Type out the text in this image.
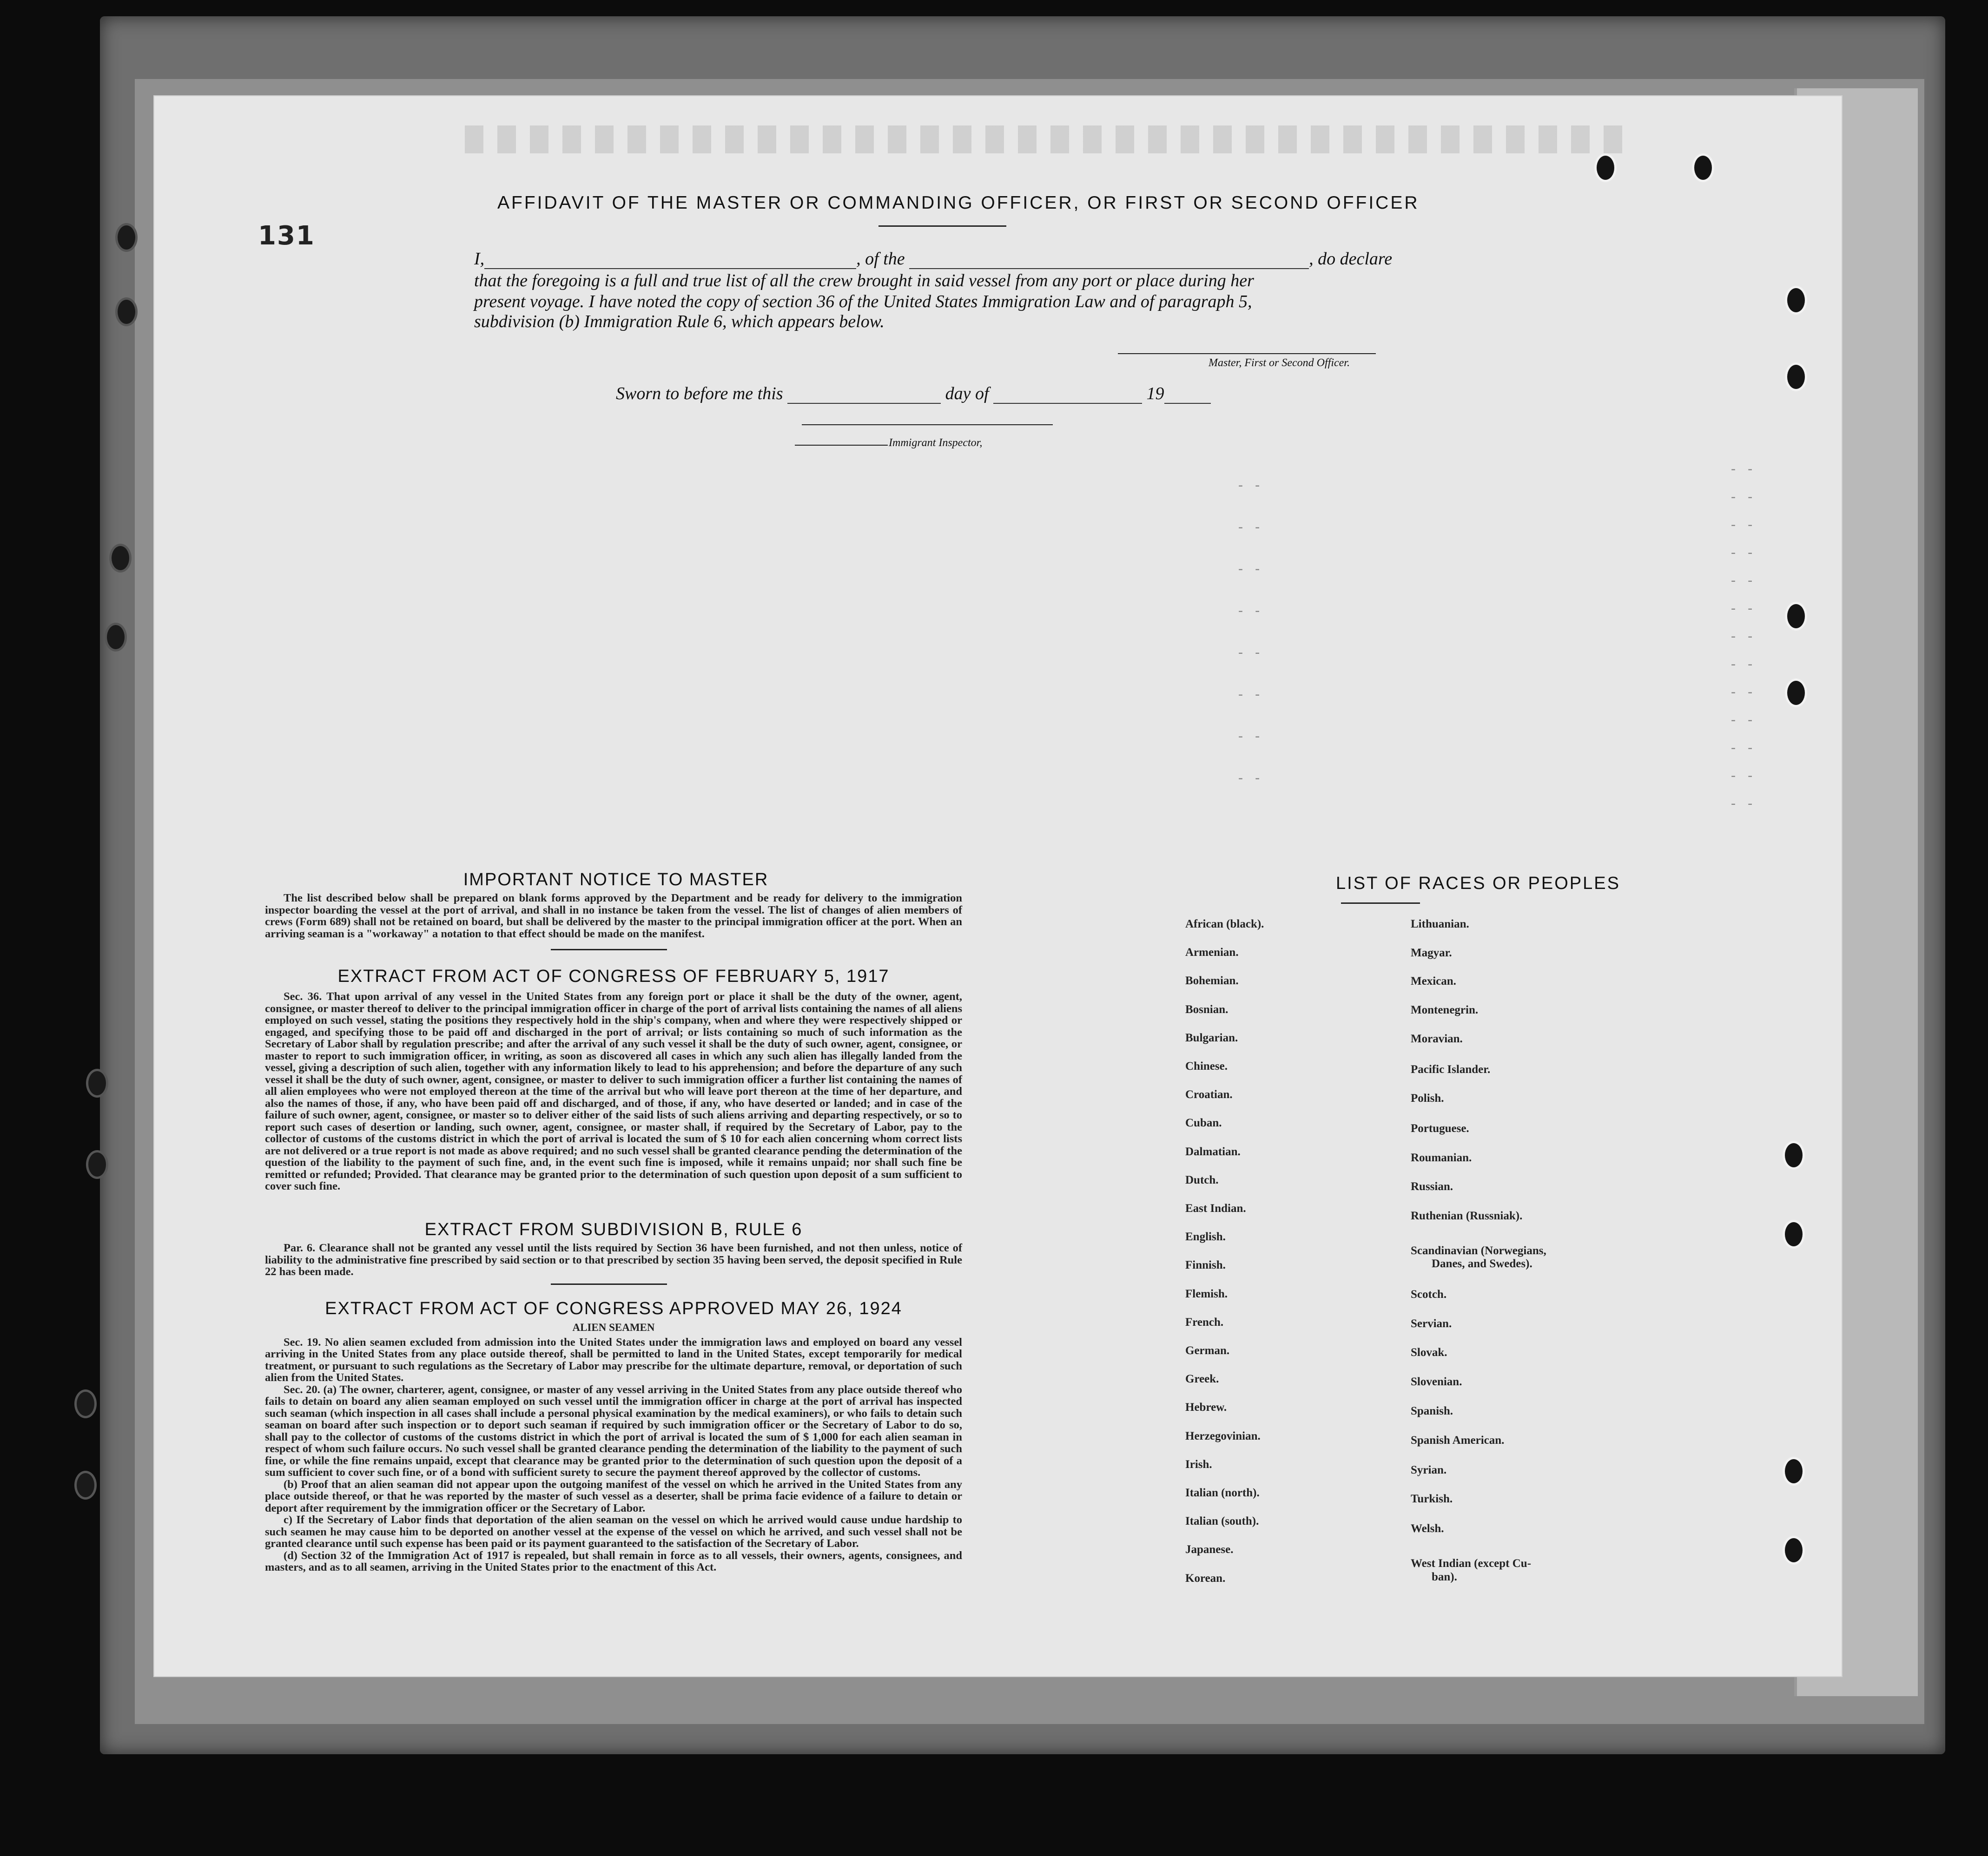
131
AFFIDAVIT OF THE MASTER OR COMMANDING OFFICER, OR FIRST OR SECOND OFFICER
I,	, of the	, do declare
that the foregoing is a full and true list of all the crew brought in said vessel from any port or place during her
present voyage. I have noted the copy of section 36 of the United States Immigration Law and of paragraph 5,
subdivision (b) Immigration Rule 6, which appears below.
Master, First or Second Officer.
Sworn to before me this	day of	19
Immigrant Inspector,
- -
- -
- -
- -
- -
- -
- -
- -
- -
- -
- -
- -
- -
- -
- -
- -
- -
- -
- -
- -
- -
IMPORTANT NOTICE TO MASTER

The list described below shall be prepared on blank forms approved by the Department and be ready for delivery to the immigration inspector boarding the vessel at the port of arrival, and shall in no instance be taken from the vessel. The list of changes of alien members of crews (Form 689) shall not be retained on board, but shall be delivered by the master to the principal immigration officer at the port. When an arriving seaman is a "workaway" a notation to that effect should be made on the manifest.

EXTRACT FROM ACT OF CONGRESS OF FEBRUARY 5, 1917

Sec. 36. That upon arrival of any vessel in the United States from any foreign port or place it shall be the duty of the owner, agent, consignee, or master thereof to deliver to the principal immigration officer in charge of the port of arrival lists containing the names of all aliens employed on such vessel, stating the positions they respectively hold in the ship's company, when and where they were respectively shipped or engaged, and specifying those to be paid off and discharged in the port of arrival; or lists containing so much of such information as the Secretary of Labor shall by regulation prescribe; and after the arrival of any such vessel it shall be the duty of such owner, agent, consignee, or master to report to such immigration officer, in writing, as soon as discovered all cases in which any such alien has illegally landed from the vessel, giving a description of such alien, together with any information likely to lead to his apprehension; and before the departure of any such vessel it shall be the duty of such owner, agent, consignee, or master to deliver to such immigration officer a further list containing the names of all alien employees who were not employed thereon at the time of the arrival but who will leave port thereon at the time of her departure, and also the names of those, if any, who have been paid off and discharged, and of those, if any, who have deserted or landed; and in case of the failure of such owner, agent, consignee, or master so to deliver either of the said lists of such aliens arriving and departing respectively, or so to report such cases of desertion or landing, such owner, agent, consignee, or master shall, if required by the Secretary of Labor, pay to the collector of customs of the customs district in which the port of arrival is located the sum of $ 10 for each alien concerning whom correct lists are not delivered or a true report is not made as above required; and no such vessel shall be granted clearance pending the determination of the question of the liability to the payment of such fine, and, in the event such fine is imposed, while it remains unpaid; nor shall such fine be remitted or refunded; Provided. That clearance may be granted prior to the determination of such question upon deposit of a sum sufficient to cover such fine.

EXTRACT FROM SUBDIVISION B, RULE 6

Par. 6. Clearance shall not be granted any vessel until the lists required by Section 36 have been furnished, and not then unless, notice of liability to the administrative fine prescribed by said section or to that prescribed by section 35 having been served, the deposit specified in Rule 22 has been made.

EXTRACT FROM ACT OF CONGRESS APPROVED MAY 26, 1924

ALIEN SEAMEN

Sec. 19. No alien seamen excluded from admission into the United States under the immigration laws and employed on board any vessel arriving in the United States from any place outside thereof, shall be permitted to land in the United States, except temporarily for medical treatment, or pursuant to such regulations as the Secretary of Labor may prescribe for the ultimate departure, removal, or deportation of such alien from the United States.

Sec. 20. (a) The owner, charterer, agent, consignee, or master of any vessel arriving in the United States from any place outside thereof who fails to detain on board any alien seaman employed on such vessel until the immigration officer in charge at the port of arrival has inspected such seaman (which inspection in all cases shall include a personal physical examination by the medical examiners), or who fails to detain such seaman on board after such inspection or to deport such seaman if required by such immigration officer or the Secretary of Labor to do so, shall pay to the collector of customs of the customs district in which the port of arrival is located the sum of $ 1,000 for each alien seaman in respect of whom such failure occurs. No such vessel shall be granted clearance pending the determination of the liability to the payment of such fine, or while the fine remains unpaid, except that clearance may be granted prior to the determination of such question upon the deposit of a sum sufficient to cover such fine, or of a bond with sufficient surety to secure the payment thereof approved by the collector of customs.

(b) Proof that an alien seaman did not appear upon the outgoing manifest of the vessel on which he arrived in the United States from any place outside thereof, or that he was reported by the master of such vessel as a deserter, shall be prima facie evidence of a failure to detain or deport after requirement by the immigration officer or the Secretary of Labor.

c) If the Secretary of Labor finds that deportation of the alien seaman on the vessel on which he arrived would cause undue hardship to such seamen he may cause him to be deported on another vessel at the expense of the vessel on which he arrived, and such vessel shall not be granted clearance until such expense has been paid or its payment guaranteed to the satisfaction of the Secretary of Labor.

(d) Section 32 of the Immigration Act of 1917 is repealed, but shall remain in force as to all vessels, their owners, agents, consignees, and masters, and as to all seamen, arriving in the United States prior to the enactment of this Act.

LIST OF RACES OR PEOPLES
African (black).
Armenian.
Bohemian.
Bosnian.
Bulgarian.
Chinese.
Croatian.
Cuban.
Dalmatian.
Dutch.
East Indian.
English.
Finnish.
Flemish.
French.
German.
Greek.
Hebrew.
Herzegovinian.
Irish.
Italian (north).
Italian (south).
Japanese.
Korean.
Lithuanian.
Magyar.
Mexican.
Montenegrin.
Moravian.
Pacific Islander.
Polish.
Portuguese.
Roumanian.
Russian.
Ruthenian (Russniak).
Scandinavian (Norwegians,
Danes, and Swedes).
Scotch.
Servian.
Slovak.
Slovenian.
Spanish.
Spanish American.
Syrian.
Turkish.
Welsh.
West Indian (except Cu-
ban).
